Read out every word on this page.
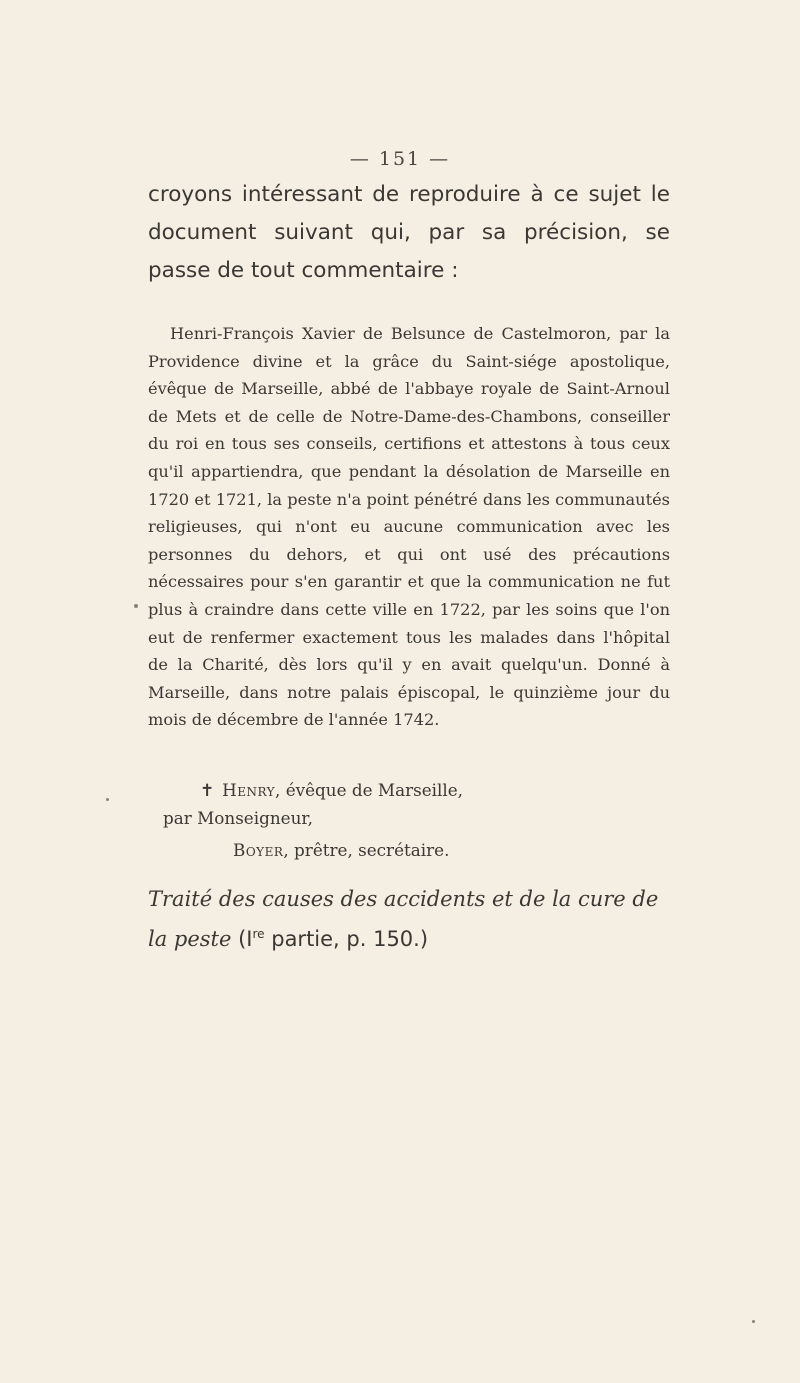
— 151 —

croyons intéressant de reproduire à ce sujet le document suivant qui, par sa précision, se passe de tout commentaire :

Henri-François Xavier de Belsunce de Castelmoron, par la Providence divine et la grâce du Saint-siége apostolique, évêque de Marseille, abbé de l'abbaye royale de Saint-Arnoul de Mets et de celle de Notre-Dame-des-Chambons, conseiller du roi en tous ses conseils, certifions et attestons à tous ceux qu'il appartiendra, que pendant la désolation de Marseille en 1720 et 1721, la peste n'a point pénétré dans les communautés religieuses, qui n'ont eu aucune communication avec les personnes du dehors, et qui ont usé des précautions nécessaires pour s'en garantir et que la communication ne fut plus à craindre dans cette ville en 1722, par les soins que l'on eut de renfermer exactement tous les malades dans l'hôpital de la Charité, dès lors qu'il y en avait quelqu'un. Donné à Marseille, dans notre palais épiscopal, le quinzième jour du mois de décembre de l'année 1742.

✝ Henry, évêque de Marseille,
par Monseigneur,
Boyer, prêtre, secrétaire.

Traité des causes des accidents et de la cure de la peste (Ire partie, p. 150.)
